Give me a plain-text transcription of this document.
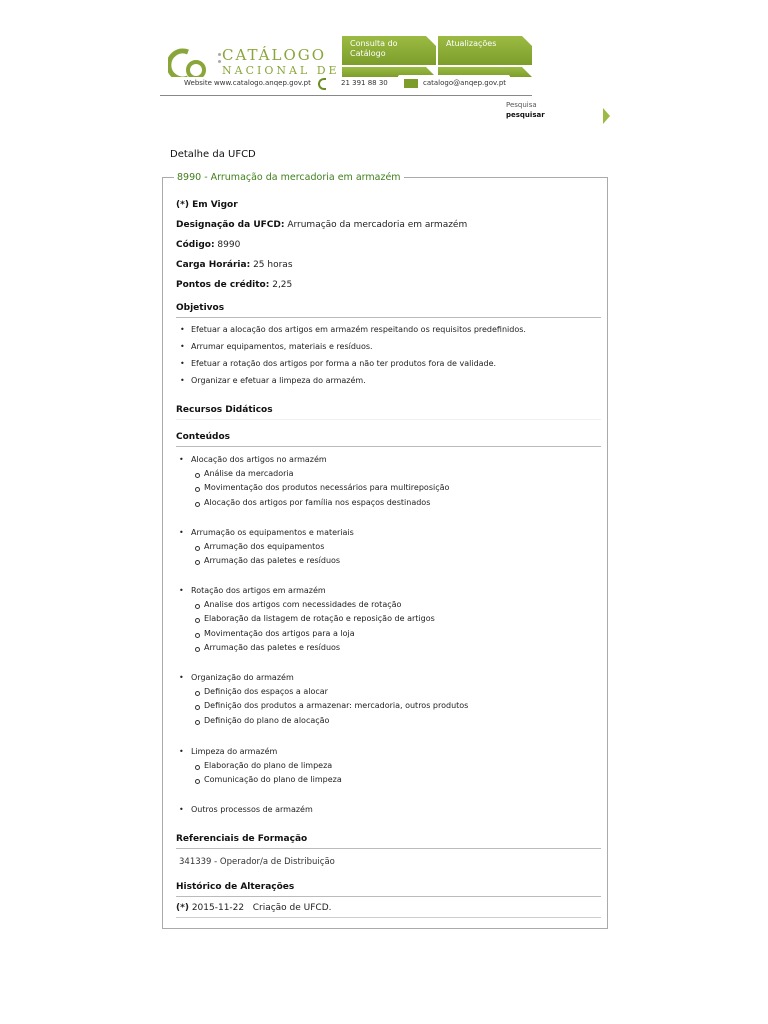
CATÁLOGO
NACIONAL DE
Consulta do Catálogo
Atualizações
Website www.catalogo.anqep.gov.pt	21 391 88 30	catalogo@anqep.gov.pt
Pesquisa
pesquisar
Detalhe da UFCD
8990 - Arrumação da mercadoria em armazém
(*) Em Vigor
Designação da UFCD: Arrumação da mercadoria em armazém
Código: 8990
Carga Horária: 25 horas
Pontos de crédito: 2,25
Objetivos
• Efetuar a alocação dos artigos em armazém respeitando os requisitos predefinidos.
• Arrumar equipamentos, materiais e resíduos.
• Efetuar a rotação dos artigos por forma a não ter produtos fora de validade.
• Organizar e efetuar a limpeza do armazém.
Recursos Didáticos
Conteúdos
• Alocação dos artigos no armazém
Análise da mercadoria
Movimentação dos produtos necessários para multireposição
Alocação dos artigos por família nos espaços destinados
• Arrumação os equipamentos e materiais
Arrumação dos equipamentos
Arrumação das paletes e resíduos
• Rotação dos artigos em armazém
Analise dos artigos com necessidades de rotação
Elaboração da listagem de rotação e reposição de artigos
Movimentação dos artigos para a loja
Arrumação das paletes e resíduos
• Organização do armazém
Definição dos espaços a alocar
Definição dos produtos a armazenar: mercadoria, outros produtos
Definição do plano de alocação
• Limpeza do armazém
Elaboração do plano de limpeza
Comunicação do plano de limpeza
• Outros processos de armazém
Referenciais de Formação
341339 - Operador/a de Distribuição
Histórico de Alterações
(*) 2015-11-22 Criação de UFCD.
